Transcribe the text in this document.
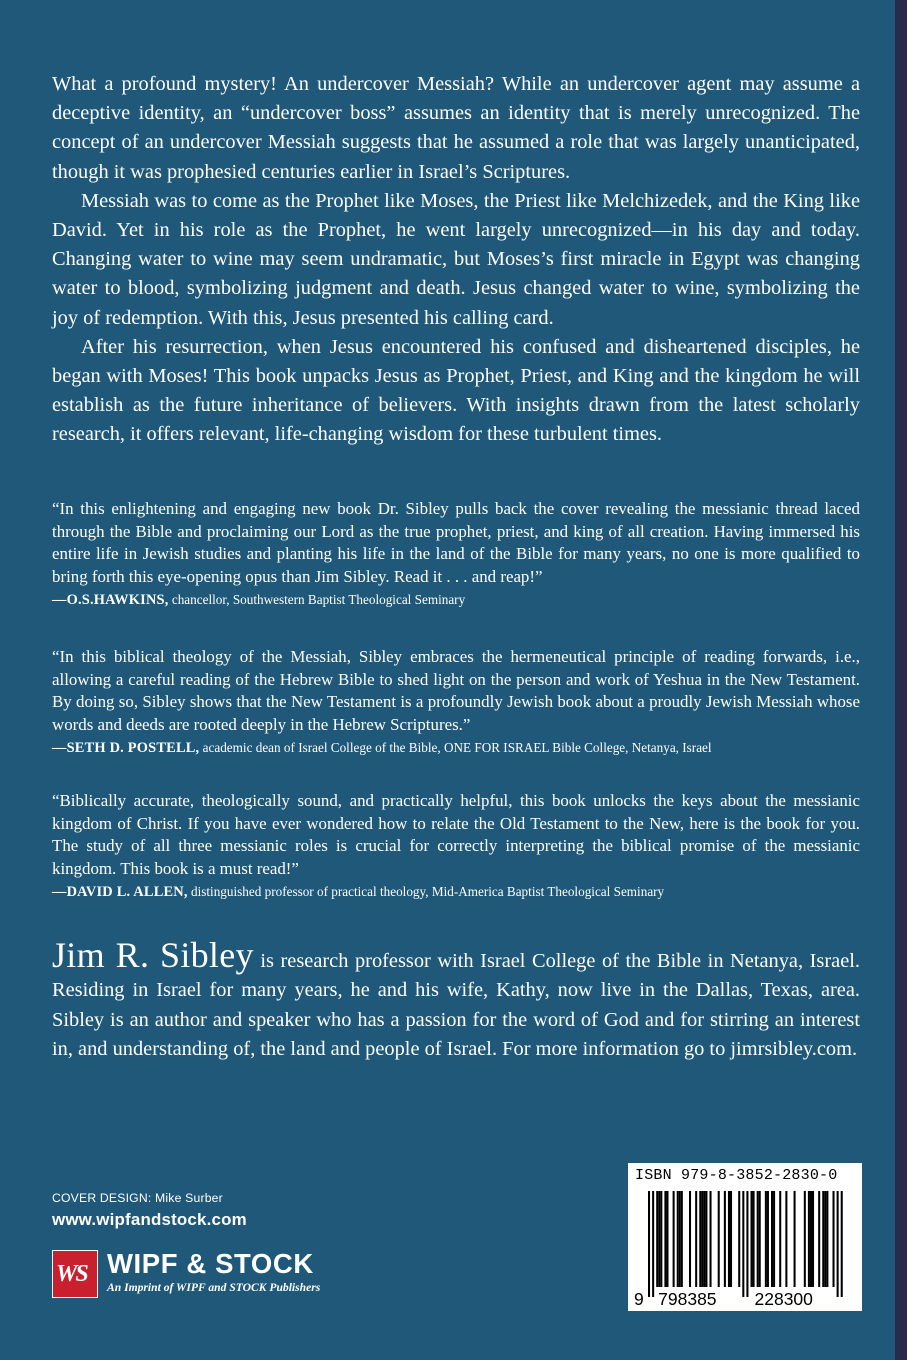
What a profound mystery! An undercover Messiah? While an undercover agent may assume a deceptive identity, an “undercover boss” assumes an identity that is merely unrecognized. The concept of an undercover Messiah suggests that he assumed a role that was largely unanticipated, though it was prophesied centuries earlier in Israel’s Scriptures.

Messiah was to come as the Prophet like Moses, the Priest like Melchizedek, and the King like David. Yet in his role as the Prophet, he went largely unrecognized—in his day and today. Changing water to wine may seem undramatic, but Moses’s first miracle in Egypt was changing water to blood, symbolizing judgment and death. Jesus changed water to wine, symbolizing the joy of redemption. With this, Jesus presented his calling card.

After his resurrection, when Jesus encountered his confused and disheartened disciples, he began with Moses! This book unpacks Jesus as Prophet, Priest, and King and the kingdom he will establish as the future inheritance of believers. With insights drawn from the latest scholarly research, it offers relevant, life-changing wisdom for these turbulent times.

“In this enlightening and engaging new book Dr. Sibley pulls back the cover revealing the messianic thread laced through the Bible and proclaiming our Lord as the true prophet, priest, and king of all creation. Having immersed his entire life in Jewish studies and planting his life in the land of the Bible for many years, no one is more qualified to bring forth this eye-opening opus than Jim Sibley. Read it . . . and reap!”

—O.S.HAWKINS, chancellor, Southwestern Baptist Theological Seminary

“In this biblical theology of the Messiah, Sibley embraces the hermeneutical principle of reading forwards, i.e., allowing a careful reading of the Hebrew Bible to shed light on the person and work of Yeshua in the New Testament. By doing so, Sibley shows that the New Testament is a profoundly Jewish book about a proudly Jewish Messiah whose words and deeds are rooted deeply in the Hebrew Scriptures.”

—SETH D. POSTELL, academic dean of Israel College of the Bible, ONE FOR ISRAEL Bible College, Netanya, Israel

“Biblically accurate, theologically sound, and practically helpful, this book unlocks the keys about the messianic kingdom of Christ. If you have ever wondered how to relate the Old Testament to the New, here is the book for you. The study of all three messianic roles is crucial for correctly interpreting the biblical promise of the messianic kingdom. This book is a must read!”

—DAVID L. ALLEN, distinguished professor of practical theology, Mid-America Baptist Theological Seminary

Jim R. Sibley is research professor with Israel College of the Bible in Netanya, Israel. Residing in Israel for many years, he and his wife, Kathy, now live in the Dallas, Texas, area. Sibley is an author and speaker who has a passion for the word of God and for stirring an interest in, and understanding of, the land and people of Israel. For more information go to jimrsibley.com.

COVER DESIGN: Mike Surber
www.wipfandstock.com
WS WIPF & STOCK
An Imprint of WIPF and STOCK Publishers
ISBN 979-8-3852-2830-0
9 798385 228300
